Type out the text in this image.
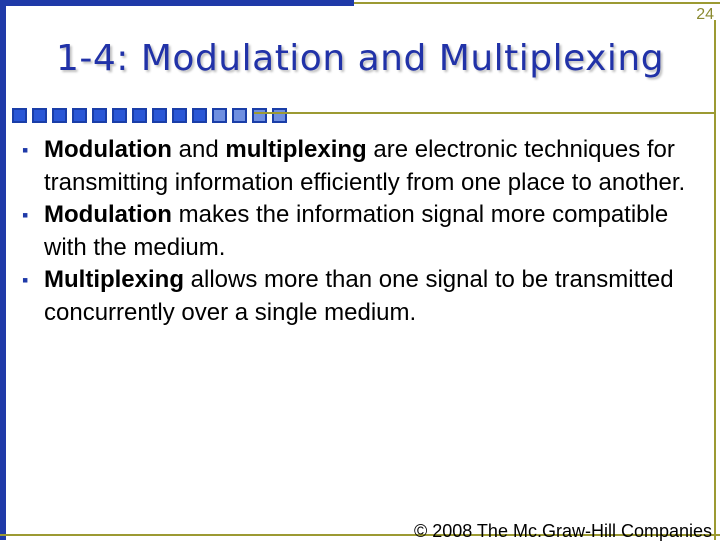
24
1-4: Modulation and Multiplexing
▪ Modulation and multiplexing are electronic techniques for transmitting information efficiently from one place to another.
▪ Modulation makes the information signal more compatible with the medium.
▪ Multiplexing allows more than one signal to be transmitted concurrently over a single medium.
© 2008 The Mc.Graw-Hill Companies
